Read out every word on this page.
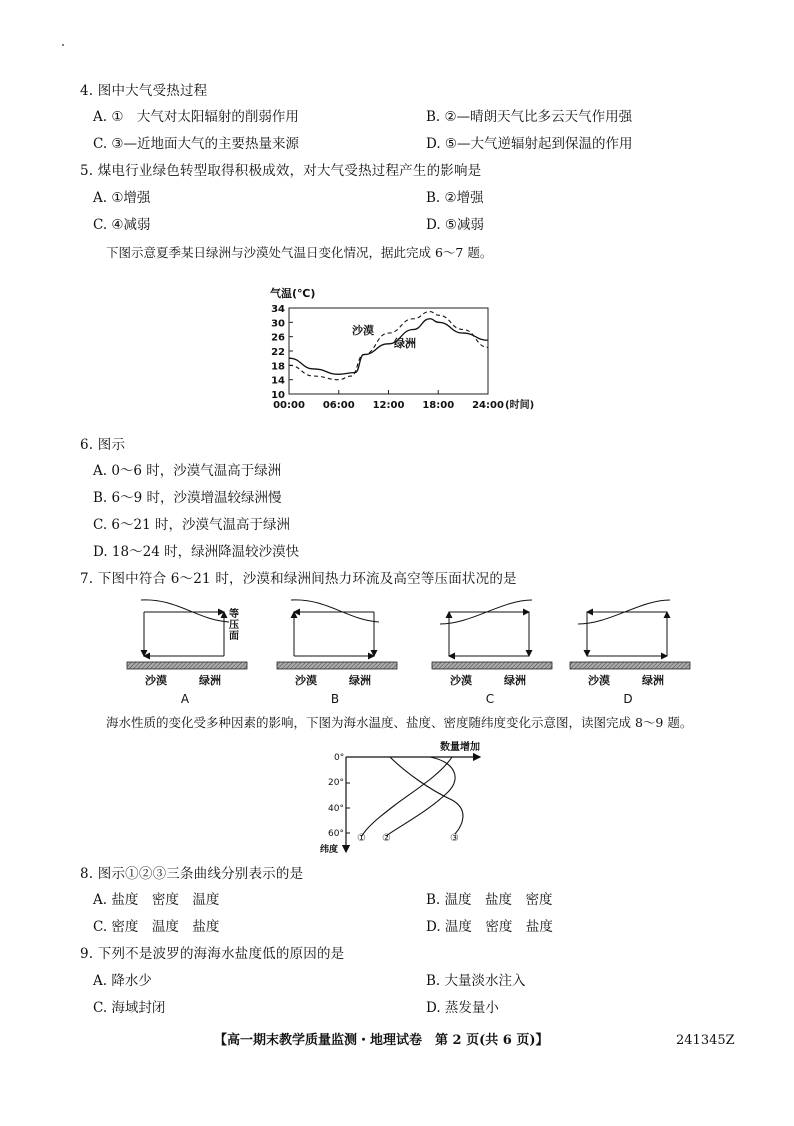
4. 图中大气受热过程
A. ①　大气对太阳辐射的削弱作用	B. ②—晴朗天气比多云天气作用强
C. ③—近地面大气的主要热量来源	D. ⑤—大气逆辐射起到保温的作用
5. 煤电行业绿色转型取得积极成效，对大气受热过程产生的影响是
A. ①增强	B. ②增强
C. ④减弱	D. ⑤减弱
下图示意夏季某日绿洲与沙漠处气温日变化情况，据此完成 6～7 题。
气温(℃)
34
30
26
22
18
14
10
00:00 06:00 12:00 18:00 24:00
沙漠
绿洲
(时间)
6. 图示
A. 0～6 时，沙漠气温高于绿洲
B. 6～9 时，沙漠增温较绿洲慢
C. 6～21 时，沙漠气温高于绿洲
D. 18～24 时，绿洲降温较沙漠快
7. 下图中符合 6～21 时，沙漠和绿洲间热力环流及高空等压面状况的是
沙漠	绿洲
A
沙漠	绿洲
B
沙漠	绿洲
C
沙漠	绿洲
D
等
压
面
海水性质的变化受多种因素的影响，下图为海水温度、盐度、密度随纬度变化示意图，读图完成 8～9 题。
数量增加
0°
20°
40°
60°
纬度
① ②	③
8. 图示①②③三条曲线分别表示的是
A. 盐度　密度　温度	B. 温度　盐度　密度
C. 密度　温度　盐度	D. 温度　密度　盐度
9. 下列不是波罗的海海水盐度低的原因的是
A. 降水少	B. 大量淡水注入
C. 海域封闭	D. 蒸发量小
【高一期末教学质量监测・地理试卷　第 2 页(共 6 页)】	241345Z
